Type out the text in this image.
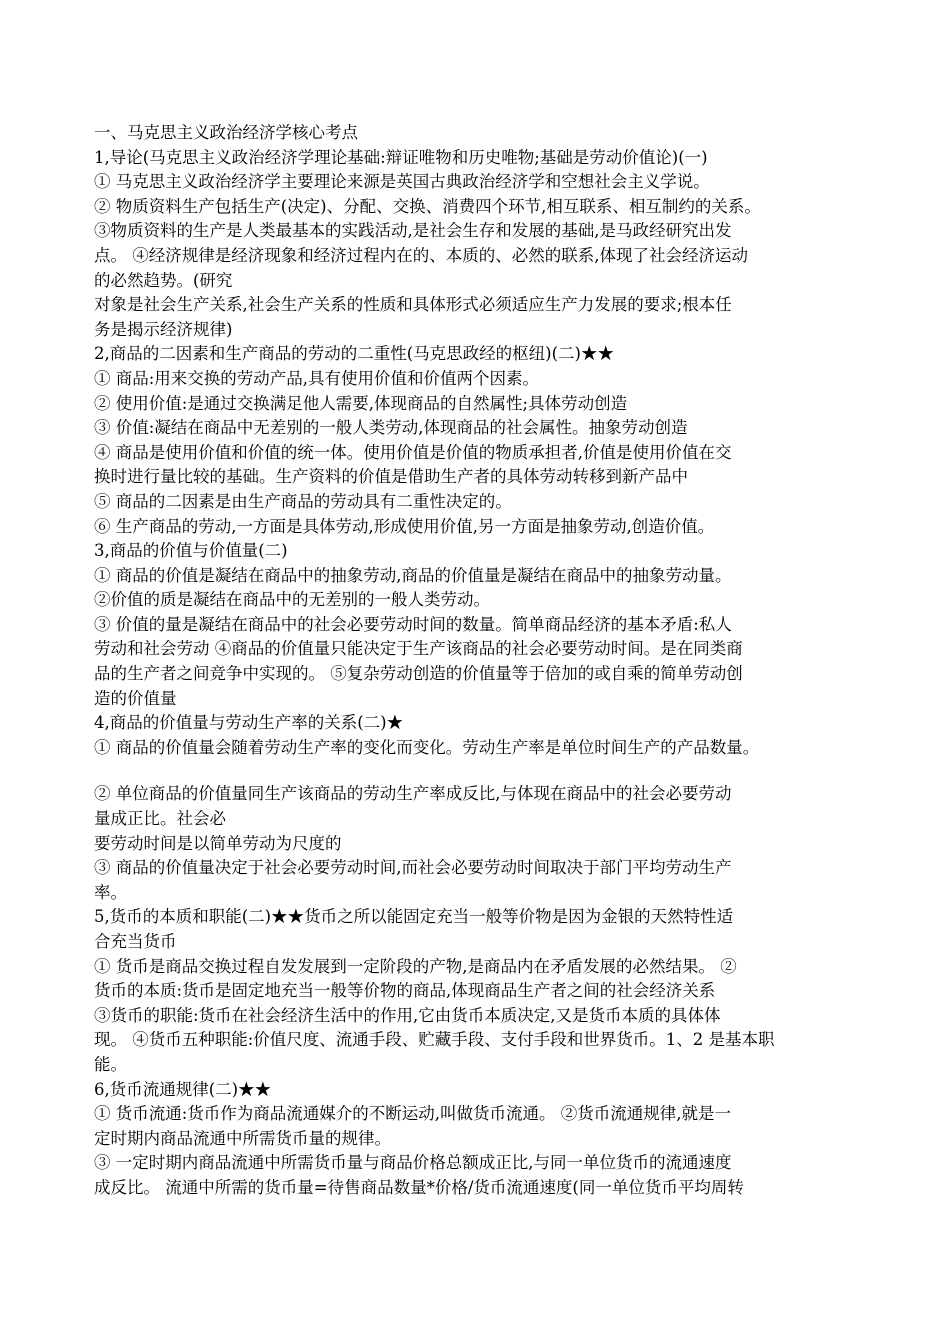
一、马克思主义政治经济学核心考点
1,导论(马克思主义政治经济学理论基础:辩证唯物和历史唯物;基础是劳动价值论)(一)
① 马克思主义政治经济学主要理论来源是英国古典政治经济学和空想社会主义学说。
② 物质资料生产包括生产(决定)、分配、交换、消费四个环节,相互联系、相互制约的关系。
③物质资料的生产是人类最基本的实践活动,是社会生存和发展的基础,是马政经研究出发
点。 ④经济规律是经济现象和经济过程内在的、本质的、必然的联系,体现了社会经济运动
的必然趋势。(研究
对象是社会生产关系,社会生产关系的性质和具体形式必须适应生产力发展的要求;根本任
务是揭示经济规律)
2,商品的二因素和生产商品的劳动的二重性(马克思政经的枢纽)(二)★★
① 商品:用来交换的劳动产品,具有使用价值和价值两个因素。
② 使用价值:是通过交换满足他人需要,体现商品的自然属性;具体劳动创造
③ 价值:凝结在商品中无差别的一般人类劳动,体现商品的社会属性。抽象劳动创造
④ 商品是使用价值和价值的统一体。使用价值是价值的物质承担者,价值是使用价值在交
换时进行量比较的基础。生产资料的价值是借助生产者的具体劳动转移到新产品中
⑤ 商品的二因素是由生产商品的劳动具有二重性决定的。
⑥ 生产商品的劳动,一方面是具体劳动,形成使用价值,另一方面是抽象劳动,创造价值。
3,商品的价值与价值量(二)
① 商品的价值是凝结在商品中的抽象劳动,商品的价值量是凝结在商品中的抽象劳动量。
②价值的质是凝结在商品中的无差别的一般人类劳动。
③ 价值的量是凝结在商品中的社会必要劳动时间的数量。简单商品经济的基本矛盾:私人
劳动和社会劳动 ④商品的价值量只能决定于生产该商品的社会必要劳动时间。是在同类商
品的生产者之间竞争中实现的。 ⑤复杂劳动创造的价值量等于倍加的或自乘的简单劳动创
造的价值量
4,商品的价值量与劳动生产率的关系(二)★
① 商品的价值量会随着劳动生产率的变化而变化。劳动生产率是单位时间生产的产品数量。
② 单位商品的价值量同生产该商品的劳动生产率成反比,与体现在商品中的社会必要劳动
量成正比。社会必
要劳动时间是以简单劳动为尺度的
③ 商品的价值量决定于社会必要劳动时间,而社会必要劳动时间取决于部门平均劳动生产
率。
5,货币的本质和职能(二)★★货币之所以能固定充当一般等价物是因为金银的天然特性适
合充当货币
① 货币是商品交换过程自发发展到一定阶段的产物,是商品内在矛盾发展的必然结果。 ②
货币的本质:货币是固定地充当一般等价物的商品,体现商品生产者之间的社会经济关系
③货币的职能:货币在社会经济生活中的作用,它由货币本质决定,又是货币本质的具体体
现。 ④货币五种职能:价值尺度、流通手段、贮藏手段、支付手段和世界货币。1、2 是基本职
能。
6,货币流通规律(二)★★
① 货币流通:货币作为商品流通媒介的不断运动,叫做货币流通。 ②货币流通规律,就是一
定时期内商品流通中所需货币量的规律。
③ 一定时期内商品流通中所需货币量与商品价格总额成正比,与同一单位货币的流通速度
成反比。 流通中所需的货币量=待售商品数量*价格/货币流通速度(同一单位货币平均周转
